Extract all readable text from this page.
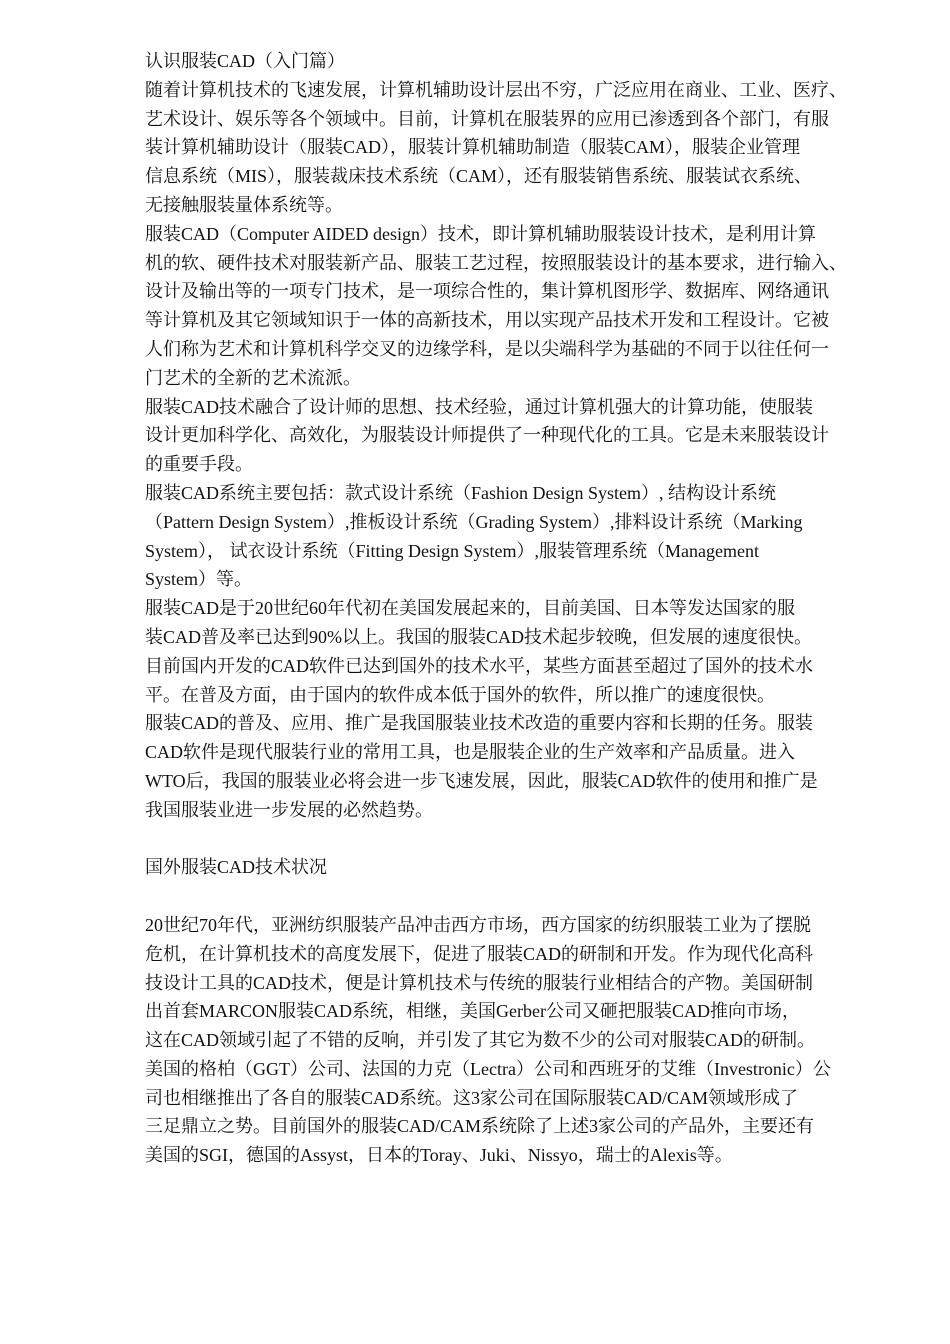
认识服装CAD（入门篇）
随着计算机技术的飞速发展，计算机辅助设计层出不穷，广泛应用在商业、工业、医疗、
艺术设计、娱乐等各个领域中。目前，计算机在服装界的应用已渗透到各个部门，有服
装计算机辅助设计（服装CAD），服装计算机辅助制造（服装CAM），服装企业管理
信息系统（MIS），服装裁床技术系统（CAM），还有服装销售系统、服装试衣系统、
无接触服装量体系统等。
服装CAD（Computer AIDED design）技术，即计算机辅助服装设计技术，是利用计算
机的软、硬件技术对服装新产品、服装工艺过程，按照服装设计的基本要求，进行输入、
设计及输出等的一项专门技术，是一项综合性的，集计算机图形学、数据库、网络通讯
等计算机及其它领域知识于一体的高新技术，用以实现产品技术开发和工程设计。它被
人们称为艺术和计算机科学交叉的边缘学科，是以尖端科学为基础的不同于以往任何一
门艺术的全新的艺术流派。
服装CAD技术融合了设计师的思想、技术经验，通过计算机强大的计算功能，使服装
设计更加科学化、高效化，为服装设计师提供了一种现代化的工具。它是未来服装设计
的重要手段。
服装CAD系统主要包括：款式设计系统（Fashion Design System）, 结构设计系统
（Pattern Design System）,推板设计系统（Grading System）,排料设计系统（Marking
System）， 试衣设计系统（Fitting Design System）,服装管理系统（Management
System）等。
服装CAD是于20世纪60年代初在美国发展起来的，目前美国、日本等发达国家的服
装CAD普及率已达到90%以上。我国的服装CAD技术起步较晚，但发展的速度很快。
目前国内开发的CAD软件已达到国外的技术水平，某些方面甚至超过了国外的技术水
平。在普及方面，由于国内的软件成本低于国外的软件，所以推广的速度很快。
服装CAD的普及、应用、推广是我国服装业技术改造的重要内容和长期的任务。服装
CAD软件是现代服装行业的常用工具，也是服装企业的生产效率和产品质量。进入
WTO后，我国的服装业必将会进一步飞速发展，因此，服装CAD软件的使用和推广是
我国服装业进一步发展的必然趋势。
国外服装CAD技术状况
20世纪70年代，亚洲纺织服装产品冲击西方市场，西方国家的纺织服装工业为了摆脱
危机，在计算机技术的高度发展下，促进了服装CAD的研制和开发。作为现代化高科
技设计工具的CAD技术，便是计算机技术与传统的服装行业相结合的产物。美国研制
出首套MARCON服装CAD系统，相继，美国Gerber公司又砸把服装CAD推向市场，
这在CAD领域引起了不错的反响，并引发了其它为数不少的公司对服装CAD的研制。
美国的格柏（GGT）公司、法国的力克（Lectra）公司和西班牙的艾维（Investronic）公
司也相继推出了各自的服装CAD系统。这3家公司在国际服装CAD/CAM领域形成了
三足鼎立之势。目前国外的服装CAD/CAM系统除了上述3家公司的产品外，主要还有
美国的SGI，德国的Assyst，日本的Toray、Juki、Nissyo，瑞士的Alexis等。
